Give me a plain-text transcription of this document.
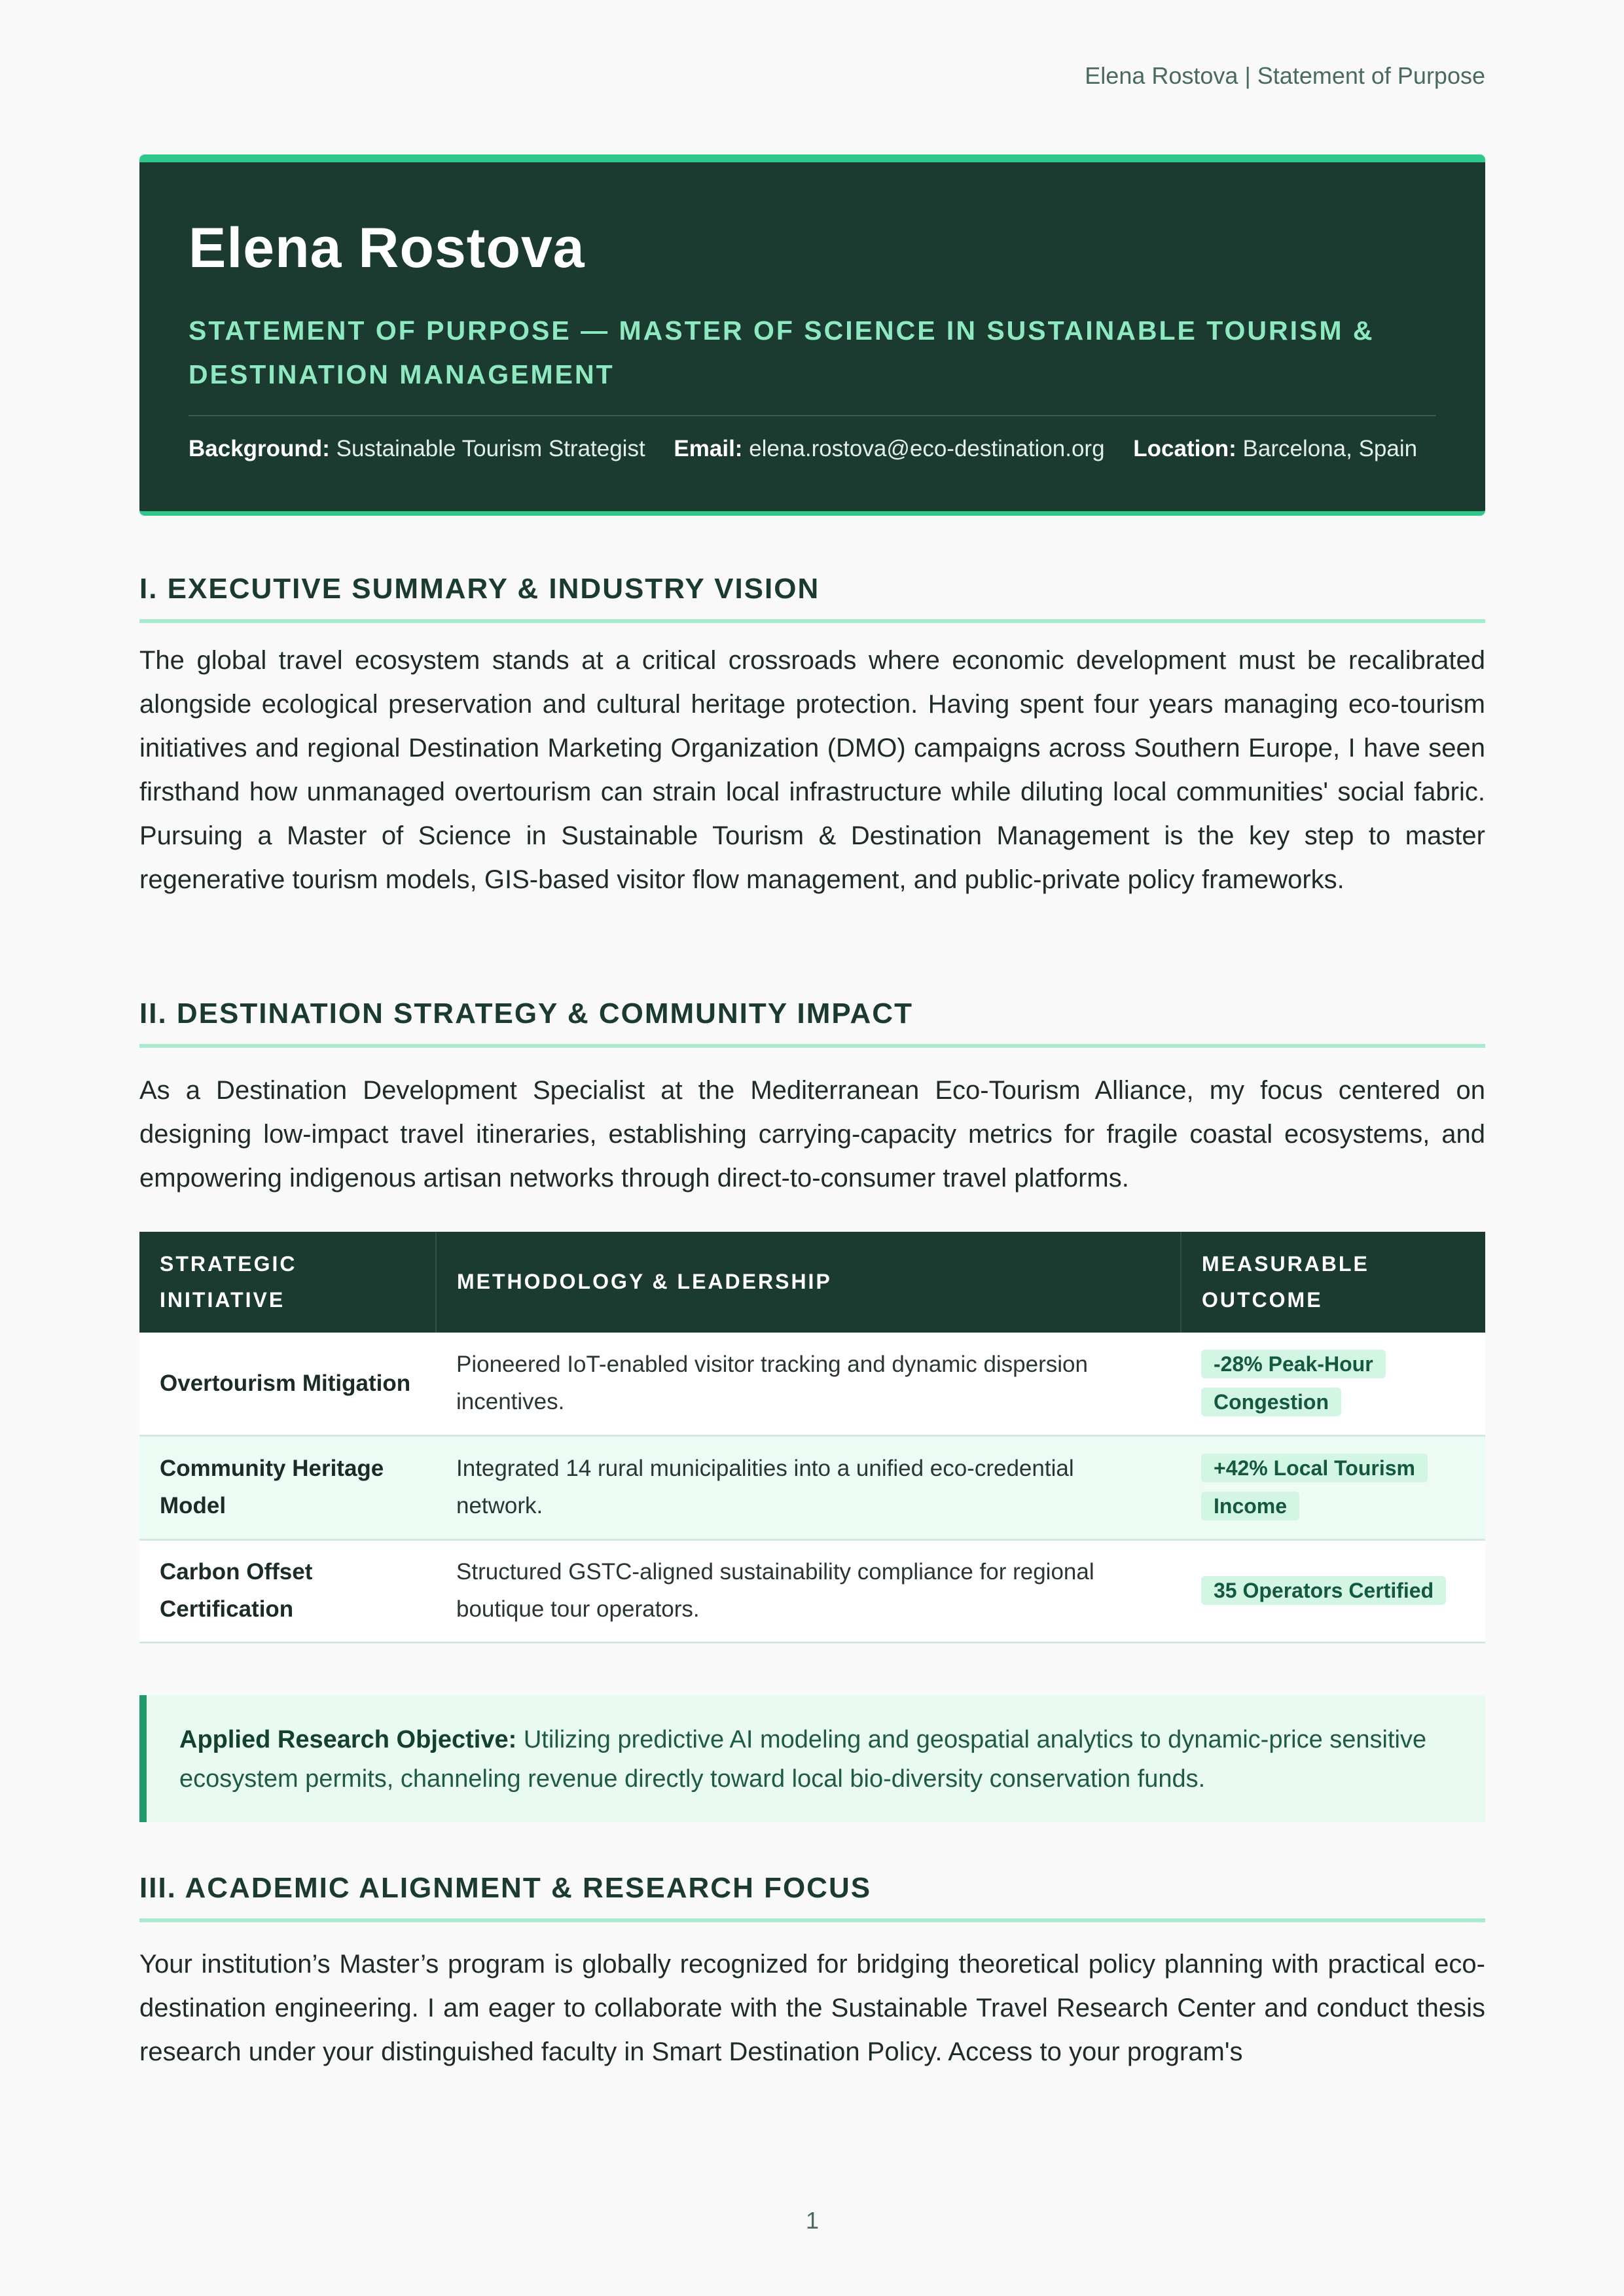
Elena Rostova | Statement of Purpose
Elena Rostova
STATEMENT OF PURPOSE — MASTER OF SCIENCE IN SUSTAINABLE TOURISM & DESTINATION MANAGEMENT
Background: Sustainable Tourism Strategist Email: elena.rostova@eco-destination.org Location: Barcelona, Spain
I. EXECUTIVE SUMMARY & INDUSTRY VISION

The global travel ecosystem stands at a critical crossroads where economic development must be recalibrated alongside ecological preservation and cultural heritage protection. Having spent four years managing eco-tourism initiatives and regional Destination Marketing Organization (DMO) campaigns across Southern Europe, I have seen firsthand how unmanaged overtourism can strain local infrastructure while diluting local communities' social fabric. Pursuing a Master of Science in Sustainable Tourism & Destination Management is the key step to master regenerative tourism models, GIS-based visitor flow management, and public-private policy frameworks.

II. DESTINATION STRATEGY & COMMUNITY IMPACT

As a Destination Development Specialist at the Mediterranean Eco-Tourism Alliance, my focus centered on designing low-impact travel itineraries, establishing carrying-capacity metrics for fragile coastal ecosystems, and empowering indigenous artisan networks through direct-to-consumer travel platforms.

STRATEGIC INITIATIVE	METHODOLOGY & LEADERSHIP	MEASURABLE OUTCOME
Overtourism Mitigation	Pioneered IoT-enabled visitor tracking and dynamic dispersion incentives.	-28% Peak-Hour Congestion
Community Heritage Model	Integrated 14 rural municipalities into a unified eco-credential network.	+42% Local Tourism Income
Carbon Offset Certification	Structured GSTC-aligned sustainability compliance for regional boutique tour operators.	35 Operators Certified
Applied Research Objective: Utilizing predictive AI modeling and geospatial analytics to dynamic-price sensitive ecosystem permits, channeling revenue directly toward local bio-diversity conservation funds.
III. ACADEMIC ALIGNMENT & RESEARCH FOCUS

Your institution’s Master’s program is globally recognized for bridging theoretical policy planning with practical eco-destination engineering. I am eager to collaborate with the Sustainable Travel Research Center and conduct thesis research under your distinguished faculty in Smart Destination Policy. Access to your program's

1
